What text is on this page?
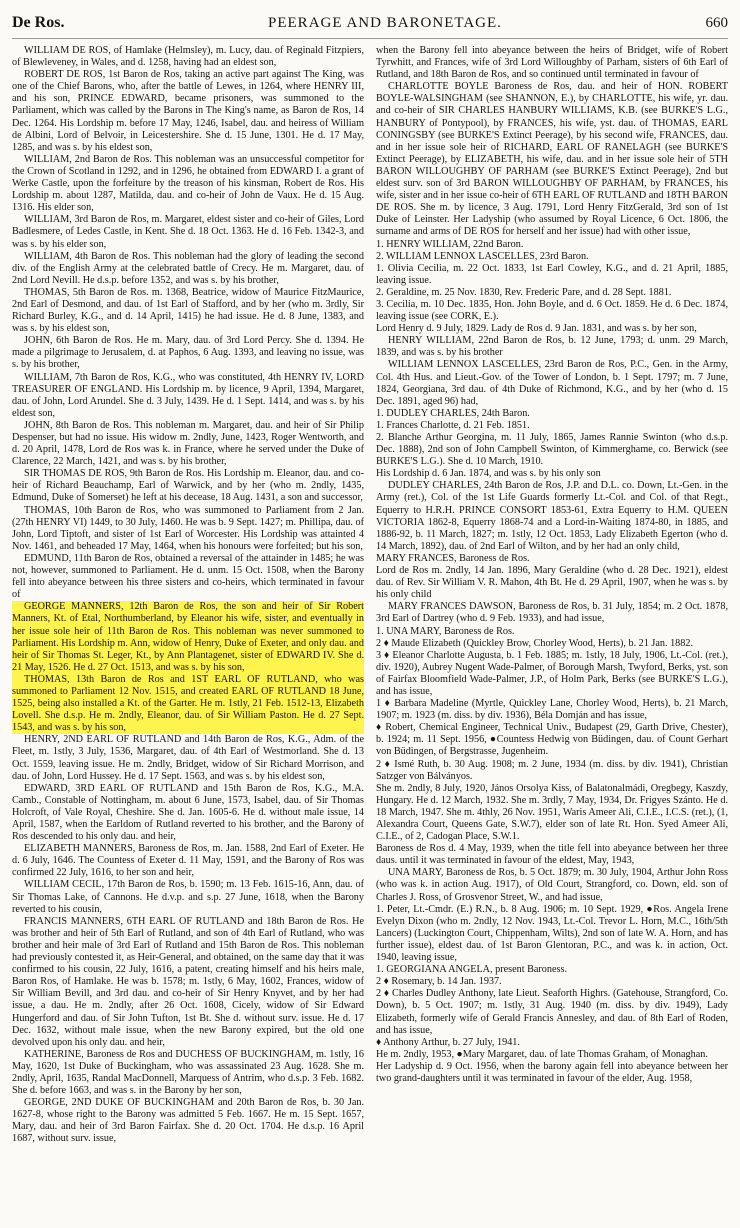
De Ros.	PEERAGE AND BARONETAGE.	660

WILLIAM DE ROS, of Hamlake (Helmsley), m. Lucy, dau. of Reginald Fitzpiers, of Blewleveney, in Wales, and d. 1258, having had an eldest son,

ROBERT DE ROS, 1st Baron de Ros, taking an active part against The King, was one of the Chief Barons, who, after the battle of Lewes, in 1264, where HENRY III, and his son, PRINCE EDWARD, became prisoners, was summoned to the Parliament, which was called by the Barons in The King's name, as Baron de Ros, 14 Dec. 1264. His Lordship m. before 17 May, 1246, Isabel, dau. and heiress of William de Albini, Lord of Belvoir, in Leicestershire. She d. 15 June, 1301. He d. 17 May, 1285, and was s. by his eldest son,

WILLIAM, 2nd Baron de Ros. This nobleman was an unsuccessful competitor for the Crown of Scotland in 1292, and in 1296, he obtained from EDWARD I. a grant of Werke Castle, upon the forfeiture by the treason of his kinsman, Robert de Ros. His Lordship m. about 1287, Matilda, dau. and co-heir of John de Vaux. He d. 15 Aug. 1316. His elder son,

WILLIAM, 3rd Baron de Ros, m. Margaret, eldest sister and co-heir of Giles, Lord Badlesmere, of Ledes Castle, in Kent. She d. 18 Oct. 1363. He d. 16 Feb. 1342-3, and was s. by his elder son,

WILLIAM, 4th Baron de Ros. This nobleman had the glory of leading the second div. of the English Army at the celebrated battle of Crecy. He m. Margaret, dau. of 2nd Lord Nevill. He d.s.p. before 1352, and was s. by his brother,

THOMAS, 5th Baron de Ros. m. 1368, Beatrice, widow of Maurice FitzMaurice, 2nd Earl of Desmond, and dau. of 1st Earl of Stafford, and by her (who m. 3rdly, Sir Richard Burley, K.G., and d. 14 April, 1415) he had issue. He d. 8 June, 1383, and was s. by his eldest son,

JOHN, 6th Baron de Ros. He m. Mary, dau. of 3rd Lord Percy. She d. 1394. He made a pilgrimage to Jerusalem, d. at Paphos, 6 Aug. 1393, and leaving no issue, was s. by his brother,

WILLIAM, 7th Baron de Ros, K.G., who was constituted, 4th HENRY IV, LORD TREASURER OF ENGLAND. His Lordship m. by licence, 9 April, 1394, Margaret, dau. of John, Lord Arundel. She d. 3 July, 1439. He d. 1 Sept. 1414, and was s. by his eldest son,

JOHN, 8th Baron de Ros. This nobleman m. Margaret, dau. and heir of Sir Philip Despenser, but had no issue. His widow m. 2ndly, June, 1423, Roger Wentworth, and d. 20 April, 1478, Lord de Ros was k. in France, where he served under the Duke of Clarence, 22 March, 1421, and was s. by his brother,

SIR THOMAS DE ROS, 9th Baron de Ros. His Lordship m. Eleanor, dau. and co-heir of Richard Beauchamp, Earl of Warwick, and by her (who m. 2ndly, 1435, Edmund, Duke of Somerset) he left at his decease, 18 Aug. 1431, a son and successor,

THOMAS, 10th Baron de Ros, who was summoned to Parliament from 2 Jan. (27th HENRY VI) 1449, to 30 July, 1460. He was b. 9 Sept. 1427; m. Phillipa, dau. of John, Lord Tiptoft, and sister of 1st Earl of Worcester. His Lordship was attainted 4 Nov. 1461, and beheaded 17 May, 1464, when his honours were forfeited; but his son,

EDMUND, 11th Baron de Ros, obtained a reversal of the attainder in 1485; he was not, however, summoned to Parliament. He d. unm. 15 Oct. 1508, when the Barony fell into abeyance between his three sisters and co-heirs, which terminated in favour of

GEORGE MANNERS, 12th Baron de Ros, the son and heir of Sir Robert Manners, Kt. of Etal, Northumberland, by Eleanor his wife, sister, and eventually in her issue sole heir of 11th Baron de Ros. This nobleman was never summoned to Parliament. His Lordship m. Ann, widow of Henry, Duke of Exeter, and only dau. and heir of Sir Thomas St. Leger, Kt., by Ann Plantagenet, sister of EDWARD IV. She d. 21 May, 1526. He d. 27 Oct. 1513, and was s. by his son,

THOMAS, 13th Baron de Ros and 1ST EARL OF RUTLAND, who was summoned to Parliament 12 Nov. 1515, and created EARL OF RUTLAND 18 June, 1525, being also installed a Kt. of the Garter. He m. 1stly, 21 Feb. 1512-13, Elizabeth Lovell. She d.s.p. He m. 2ndly, Eleanor, dau. of Sir William Paston. He d. 27 Sept. 1543, and was s. by his son,

HENRY, 2ND EARL OF RUTLAND and 14th Baron de Ros, K.G., Adm. of the Fleet, m. 1stly, 3 July, 1536, Margaret, dau. of 4th Earl of Westmorland. She d. 13 Oct. 1559, leaving issue. He m. 2ndly, Bridget, widow of Sir Richard Morrison, and dau. of John, Lord Hussey. He d. 17 Sept. 1563, and was s. by his eldest son,

EDWARD, 3RD EARL OF RUTLAND and 15th Baron de Ros, K.G., M.A. Camb., Constable of Nottingham, m. about 6 June, 1573, Isabel, dau. of Sir Thomas Holcroft, of Vale Royal, Cheshire. She d. Jan. 1605-6. He d. without male issue, 14 April, 1587, when the Earldom of Rutland reverted to his brother, and the Barony of Ros descended to his only dau. and heir,

ELIZABETH MANNERS, Baroness de Ros, m. Jan. 1588, 2nd Earl of Exeter. He d. 6 July, 1646. The Countess of Exeter d. 11 May, 1591, and the Barony of Ros was confirmed 22 July, 1616, to her son and heir,

WILLIAM CECIL, 17th Baron de Ros, b. 1590; m. 13 Feb. 1615-16, Ann, dau. of Sir Thomas Lake, of Cannons. He d.v.p. and s.p. 27 June, 1618, when the Barony reverted to his cousin,

FRANCIS MANNERS, 6TH EARL OF RUTLAND and 18th Baron de Ros. He was brother and heir of 5th Earl of Rutland, and son of 4th Earl of Rutland, who was brother and heir male of 3rd Earl of Rutland and 15th Baron de Ros. This nobleman had previously contested it, as Heir-General, and obtained, on the same day that it was confirmed to his cousin, 22 July, 1616, a patent, creating himself and his heirs male, Baron Ros, of Hamlake. He was b. 1578; m. 1stly, 6 May, 1602, Frances, widow of Sir William Bevill, and 3rd dau. and co-heir of Sir Henry Knyvet, and by her had issue, a dau. He m. 2ndly, after 26 Oct. 1608, Cicely, widow of Sir Edward Hungerford and dau. of Sir John Tufton, 1st Bt. She d. without surv. issue. He d. 17 Dec. 1632, without male issue, when the new Barony expired, but the old one devolved upon his only dau. and heir,

KATHERINE, Baroness de Ros and DUCHESS OF BUCKINGHAM, m. 1stly, 16 May, 1620, 1st Duke of Buckingham, who was assassinated 23 Aug. 1628. She m. 2ndly, April, 1635, Randal MacDonnell, Marquess of Antrim, who d.s.p. 3 Feb. 1682. She d. before 1663, and was s. in the Barony by her son,

GEORGE, 2ND DUKE OF BUCKINGHAM and 20th Baron de Ros, b. 30 Jan. 1627-8, whose right to the Barony was admitted 5 Feb. 1667. He m. 15 Sept. 1657, Mary, dau. and heir of 3rd Baron Fairfax. She d. 20 Oct. 1704. He d.s.p. 16 April 1687, without surv. issue,

when the Barony fell into abeyance between the heirs of Bridget, wife of Robert Tyrwhitt, and Frances, wife of 3rd Lord Willoughby of Parham, sisters of 6th Earl of Rutland, and 18th Baron de Ros, and so continued until terminated in favour of

CHARLOTTE BOYLE Baroness de Ros, dau. and heir of HON. ROBERT BOYLE-WALSINGHAM (see SHANNON, E.), by CHARLOTTE, his wife, yr. dau. and co-heir of SIR CHARLES HANBURY WILLIAMS, K.B. (see BURKE'S L.G., HANBURY of Pontypool), by FRANCES, his wife, yst. dau. of THOMAS, EARL CONINGSBY (see BURKE'S Extinct Peerage), by his second wife, FRANCES, dau. and in her issue sole heir of RICHARD, EARL OF RANELAGH (see BURKE'S Extinct Peerage), by ELIZABETH, his wife, dau. and in her issue sole heir of 5TH BARON WILLOUGHBY OF PARHAM (see BURKE'S Extinct Peerage), 2nd but eldest surv. son of 3rd BARON WILLOUGHBY OF PARHAM, by FRANCES, his wife, sister and in her issue co-heir of 6TH EARL OF RUTLAND and 18TH BARON DE ROS. She m. by licence, 3 Aug. 1791, Lord Henry FitzGerald, 3rd son of 1st Duke of Leinster. Her Ladyship (who assumed by Royal Licence, 6 Oct. 1806, the surname and arms of DE ROS for herself and her issue) had with other issue,

1. HENRY WILLIAM, 22nd Baron.

2. WILLIAM LENNOX LASCELLES, 23rd Baron.

1. Olivia Cecilia, m. 22 Oct. 1833, 1st Earl Cowley, K.G., and d. 21 April, 1885, leaving issue.

2. Geraldine, m. 25 Nov. 1830, Rev. Frederic Pare, and d. 28 Sept. 1881.

3. Cecilia, m. 10 Dec. 1835, Hon. John Boyle, and d. 6 Oct. 1859. He d. 6 Dec. 1874, leaving issue (see CORK, E.).

Lord Henry d. 9 July, 1829. Lady de Ros d. 9 Jan. 1831, and was s. by her son,

HENRY WILLIAM, 22nd Baron de Ros, b. 12 June, 1793; d. unm. 29 March, 1839, and was s. by his brother

WILLIAM LENNOX LASCELLES, 23rd Baron de Ros, P.C., Gen. in the Army, Col. 4th Hus. and Lieut.-Gov. of the Tower of London, b. 1 Sept. 1797; m. 7 June, 1824, Georgiana, 3rd dau. of 4th Duke of Richmond, K.G., and by her (who d. 15 Dec. 1891, aged 96) had,

1. DUDLEY CHARLES, 24th Baron.

1. Frances Charlotte, d. 21 Feb. 1851.

2. Blanche Arthur Georgina, m. 11 July, 1865, James Rannie Swinton (who d.s.p. Dec. 1888), 2nd son of John Campbell Swinton, of Kimmerghame, co. Berwick (see BURKE'S L.G.). She d. 10 March, 1910.

His Lordship d. 6 Jan. 1874, and was s. by his only son

DUDLEY CHARLES, 24th Baron de Ros, J.P. and D.L. co. Down, Lt.-Gen. in the Army (ret.), Col. of the 1st Life Guards formerly Lt.-Col. and Col. of that Regt., Equerry to H.R.H. PRINCE CONSORT 1853-61, Extra Equerry to H.M. QUEEN VICTORIA 1862-8, Equerry 1868-74 and a Lord-in-Waiting 1874-80, in 1885, and 1886-92, b. 11 March, 1827; m. 1stly, 12 Oct. 1853, Lady Elizabeth Egerton (who d. 14 March, 1892), dau. of 2nd Earl of Wilton, and by her had an only child,

MARY FRANCES, Baroness de Ros.

Lord de Ros m. 2ndly, 14 Jan. 1896, Mary Geraldine (who d. 28 Dec. 1921), eldest dau. of Rev. Sir William V. R. Mahon, 4th Bt. He d. 29 April, 1907, when he was s. by his only child

MARY FRANCES DAWSON, Baroness de Ros, b. 31 July, 1854; m. 2 Oct. 1878, 3rd Earl of Dartrey (who d. 9 Feb. 1933), and had issue,

1. UNA MARY, Baroness de Ros.

2 ♦ Maude Elizabeth (Quickley Brow, Chorley Wood, Herts), b. 21 Jan. 1882.

3 ♦ Eleanor Charlotte Augusta, b. 1 Feb. 1885; m. 1stly, 18 July, 1906, Lt.-Col. (ret.), div. 1920), Aubrey Nugent Wade-Palmer, of Borough Marsh, Twyford, Berks, yst. son of Fairfax Bloomfield Wade-Palmer, J.P., of Holm Park, Berks (see BURKE'S L.G.), and has issue,

1 ♦ Barbara Madeline (Myrtle, Quickley Lane, Chorley Wood, Herts), b. 21 March, 1907; m. 1923 (m. diss. by div. 1936), Béla Domján and has issue,

♦ Robert, Chemical Engineer, Technical Univ., Budapest (29, Garth Drive, Chester), b. 1924; m. 11 Sept. 1956, ●Countess Hedwig von Büdingen, dau. of Count Gerhart von Büdingen, of Bergstrasse, Jugenheim.

2 ♦ Ismé Ruth, b. 30 Aug. 1908; m. 2 June, 1934 (m. diss. by div. 1941), Christian Satzger von Bálványos.

She m. 2ndly, 8 July, 1920, János Orsolya Kiss, of Balatonalmádi, Oregbegy, Kaszdy, Hungary. He d. 12 March, 1932. She m. 3rdly, 7 May, 1934, Dr. Frigyes Szánto. He d. 18 March, 1947. She m. 4thly, 26 Nov. 1951, Waris Ameer Ali, C.I.E., I.C.S. (ret.), (1, Alexandra Court, Queens Gate, S.W.7), elder son of late Rt. Hon. Syed Ameer Ali, C.I.E., of 2, Cadogan Place, S.W.1.

Baroness de Ros d. 4 May, 1939, when the title fell into abeyance between her three daus. until it was terminated in favour of the eldest, May, 1943,

UNA MARY, Baroness de Ros, b. 5 Oct. 1879; m. 30 July, 1904, Arthur John Ross (who was k. in action Aug. 1917), of Old Court, Strangford, co. Down, eld. son of Charles J. Ross, of Grosvenor Street, W., and had issue,

1. Peter, Lt.-Cmdr. (E.) R.N., b. 8 Aug. 1906; m. 10 Sept. 1929, ●Ros. Angela Irene Evelyn Dixon (who m. 2ndly, 12 Nov. 1943, Lt.-Col. Trevor L. Horn, M.C., 16th/5th Lancers) (Luckington Court, Chippenham, Wilts), 2nd son of late W. A. Horn, and has further issue), eldest dau. of 1st Baron Glentoran, P.C., and was k. in action, Oct. 1940, leaving issue,

1. GEORGIANA ANGELA, present Baroness.

2 ♦ Rosemary, b. 14 Jan. 1937.

2 ♦ Charles Dudley Anthony, late Lieut. Seaforth Highrs. (Gatehouse, Strangford, Co. Down), b. 5 Oct. 1907; m. 1stly, 31 Aug. 1940 (m. diss. by div. 1949), Lady Elizabeth, formerly wife of Gerald Francis Annesley, and dau. of 8th Earl of Roden, and has issue,

♦ Anthony Arthur, b. 27 July, 1941.

He m. 2ndly, 1953, ●Mary Margaret, dau. of late Thomas Graham, of Monaghan.

Her Ladyship d. 9 Oct. 1956, when the barony again fell into abeyance between her two grand-daughters until it was terminated in favour of the elder, Aug. 1958,
